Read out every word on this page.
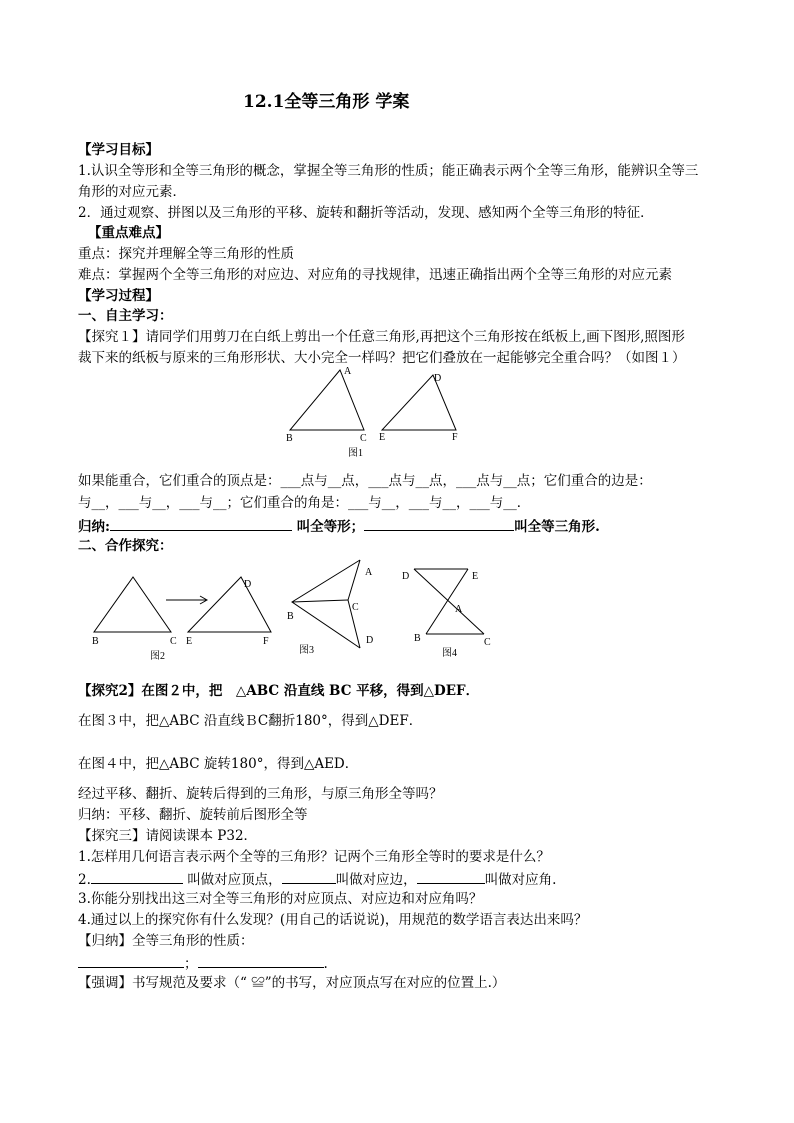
12.1全等三角形 学案
【学习目标】
1.认识全等形和全等三角形的概念，掌握全等三角形的性质；能正确表示两个全等三角形，能辨识全等三
角形的对应元素．
2．通过观察、拼图以及三角形的平移、旋转和翻折等活动，发现、感知两个全等三角形的特征．
【重点难点】
重点：探究并理解全等三角形的性质
难点：掌握两个全等三角形的对应边、对应角的寻找规律，迅速正确指出两个全等三角形的对应元素
【学习过程】
一、自主学习：
【探究１】请同学们用剪刀在白纸上剪出一个任意三角形,再把这个三角形按在纸板上,画下图形,照图形
裁下来的纸板与原来的三角形形状、大小完全一样吗？把它们叠放在一起能够完全重合吗？（如图１）
A
B	C
D
E	F
图1
如果能重合，它们重合的顶点是：___点与__点，___点与__点，___点与__点；它们重合的边是：
与__，___与__，___与__；它们重合的角是：___与__，___与__，___与__．
归纳:	叫全等形；	叫全等三角形.
二、合作探究：
B	C
D
E	F
图2
A
B
C
D
图3
D	E
A
B	C
图4
【探究2】在图２中，把　△ABC 沿直线 BC 平移，得到△DEF．
在图３中，把△ABC 沿直线ＢC翻折180°，得到△DEF．
在图４中，把△ABC 旋转180°，得到△AED．
经过平移、翻折、旋转后得到的三角形，与原三角形全等吗？
归纳：平移、翻折、旋转前后图形全等
【探究三】请阅读课本 P32．
1.怎样用几何语言表示两个全等的三角形？记两个三角形全等时的要求是什么？
2.	叫做对应顶点，	叫做对应边，	叫做对应角.
3.你能分别找出这三对全等三角形的对应顶点、对应边和对应角吗？
4.通过以上的探究你有什么发现？(用自己的话说说)，用规范的数学语言表达出来吗？
【归纳】全等三角形的性质：
；	.
【强调】书写规范及要求（“ ≌”的书写，对应顶点写在对应的位置上.）
